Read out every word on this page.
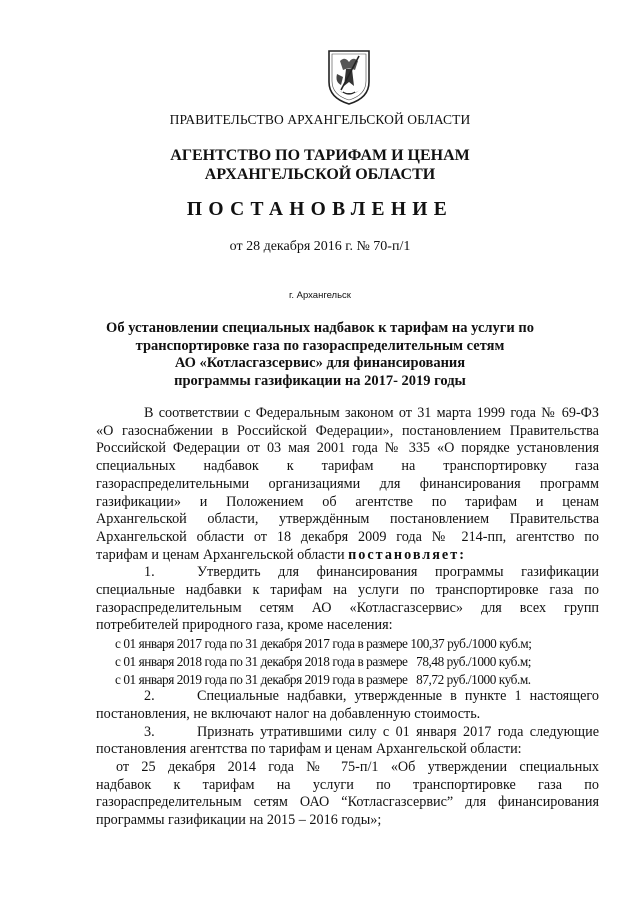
ПРАВИТЕЛЬСТВО АРХАНГЕЛЬСКОЙ ОБЛАСТИ
АГЕНТСТВО ПО ТАРИФАМ И ЦЕНАМ
АРХАНГЕЛЬСКОЙ ОБЛАСТИ
ПОСТАНОВЛЕНИЕ
от 28 декабря 2016 г. № 70-п/1
г. Архангельск
Об установлении специальных надбавок к тарифам на услуги по
транспортировке газа по газораспределительным сетям
АО «Котласгазсервис» для финансирования
программы газификации на 2017- 2019 годы
В соответствии с Федеральным законом от 31 марта 1999 года № 69-ФЗ
«О газоснабжении в Российской Федерации», постановлением Правительства
Российской Федерации от 03 мая 2001 года № 335 «О порядке установления
специальных надбавок к тарифам на транспортировку газа
газораспределительными организациями для финансирования программ
газификации» и Положением об агентстве по тарифам и ценам
Архангельской области, утверждённым постановлением Правительства
Архангельской области от 18 декабря 2009 года № 214-пп, агентство по
тарифам и ценам Архангельской области постановляет:
1.	Утвердить для финансирования программы газификации
специальные надбавки к тарифам на услуги по транспортировке газа по
газораспределительным сетям АО «Котласгазсервис» для всех групп
потребителей природного газа, кроме населения:
с 01 января 2017 года по 31 декабря 2017 года в размере 100,37 руб./1000 куб.м;
с 01 января 2018 года по 31 декабря 2018 года в размере   78,48 руб./1000 куб.м;
с 01 января 2019 года по 31 декабря 2019 года в размере   87,72 руб./1000 куб.м.
2.	Специальные надбавки, утвержденные в пункте 1 настоящего
постановления, не включают налог на добавленную стоимость.
3.	Признать утратившими силу с 01 января 2017 года следующие
постановления агентства по тарифам и ценам Архангельской области:
от 25 декабря 2014 года № 75-п/1 «Об утверждении специальных
надбавок к тарифам на услуги по транспортировке газа по
газораспределительным сетям ОАО “Котласгазсервис” для финансирования
программы газификации на 2015 – 2016 годы»;
